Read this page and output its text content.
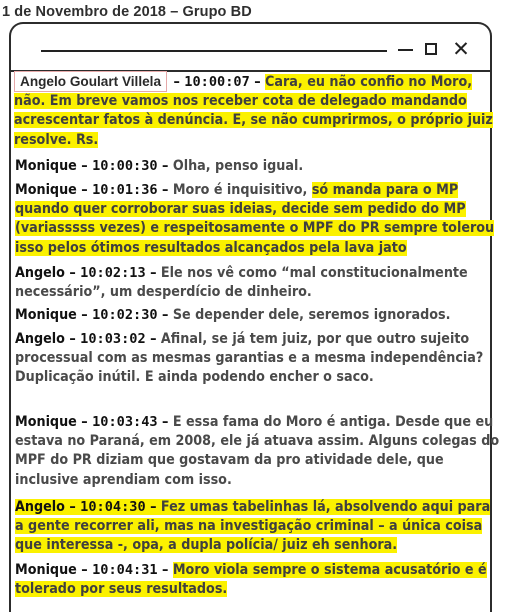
1 de Novembro de 2018 – Grupo BD
✕
Angelo Goulart Villela – 10:00:07 – Cara, eu não confio no Moro, não. Em breve vamos nos receber cota de delegado mandando acrescentar fatos à denúncia. E, se não cumprirmos, o próprio juiz resolve. Rs.
Monique – 10:00:30 – Olha, penso igual.
Monique – 10:01:36 – Moro é inquisitivo, só manda para o MP quando quer corroborar suas ideias, decide sem pedido do MP (variasssss vezes) e respeitosamente o MPF do PR sempre tolerou isso pelos ótimos resultados alcançados pela lava jato
Angelo – 10:02:13 – Ele nos vê como “mal constitucionalmente necessário”, um desperdício de dinheiro.
Monique – 10:02:30 – Se depender dele, seremos ignorados.
Angelo – 10:03:02 – Afinal, se já tem juiz, por que outro sujeito processual com as mesmas garantias e a mesma independência? Duplicação inútil. E ainda podendo encher o saco.
Monique – 10:03:43 – E essa fama do Moro é antiga. Desde que eu estava no Paraná, em 2008, ele já atuava assim. Alguns colegas do MPF do PR diziam que gostavam da pro atividade dele, que inclusive aprendiam com isso.
Angelo – 10:04:30 – Fez umas tabelinhas lá, absolvendo aqui para a gente recorrer ali, mas na investigação criminal – a única coisa que interessa -, opa, a dupla polícia/ juiz eh senhora.
Monique – 10:04:31 – Moro viola sempre o sistema acusatório e é tolerado por seus resultados.
